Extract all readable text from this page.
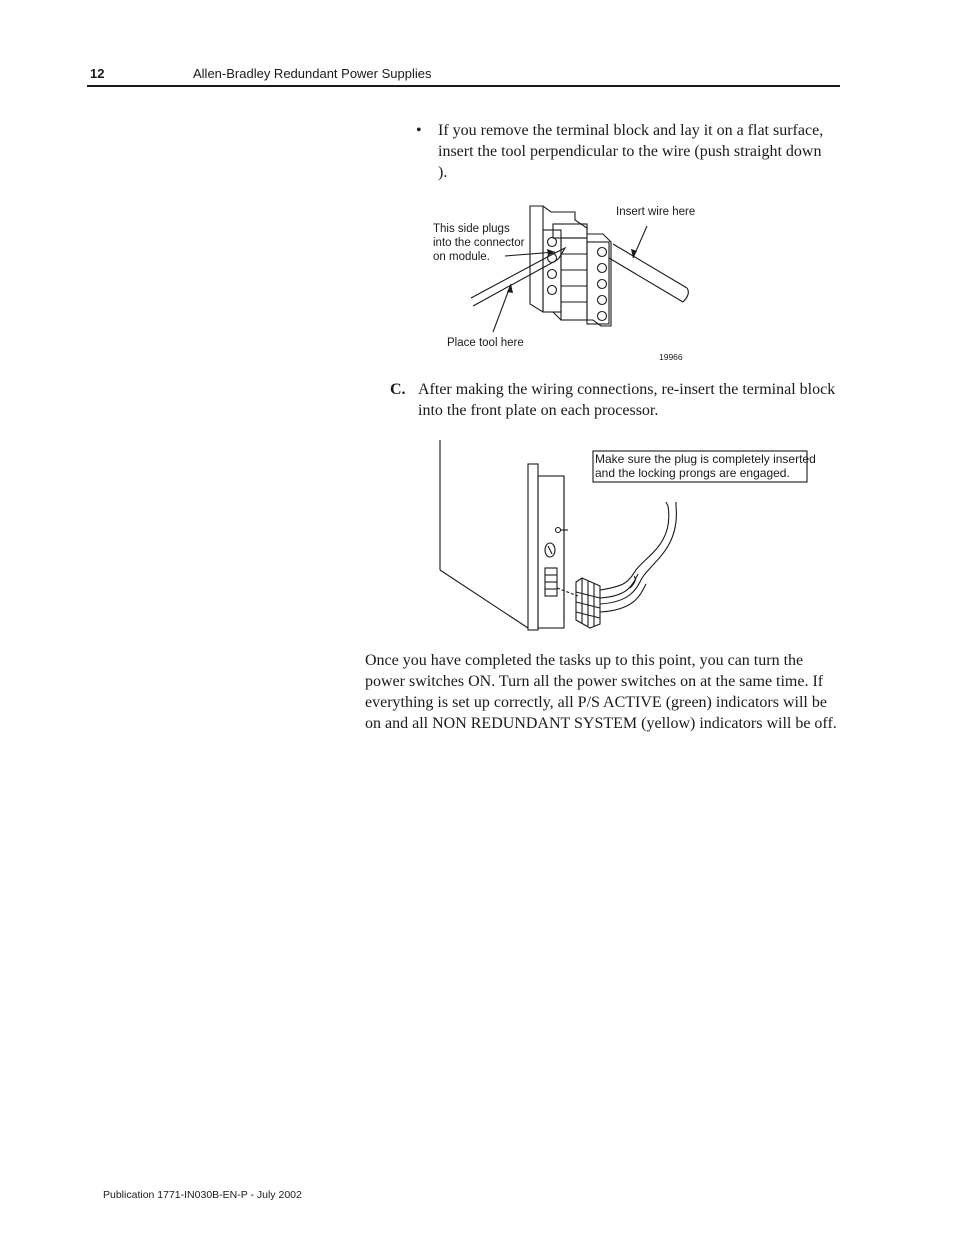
12	Allen-Bradley Redundant Power Supplies
• If you remove the terminal block and lay it on a flat surface, insert the tool perpendicular to the wire (push straight down ).
This side plugs
into the connector
on module.
Insert wire here
Place tool here
19966
C. After making the wiring connections, re-insert the terminal block into the front plate on each processor.
Make sure the plug is completely inserted
and the locking prongs are engaged.
Once you have completed the tasks up to this point, you can turn the power switches ON. Turn all the power switches on at the same time. If everything is set up correctly, all P/S ACTIVE (green) indicators will be on and all NON REDUNDANT SYSTEM (yellow) indicators will be off.
Publication 1771-IN030B-EN-P - July 2002
